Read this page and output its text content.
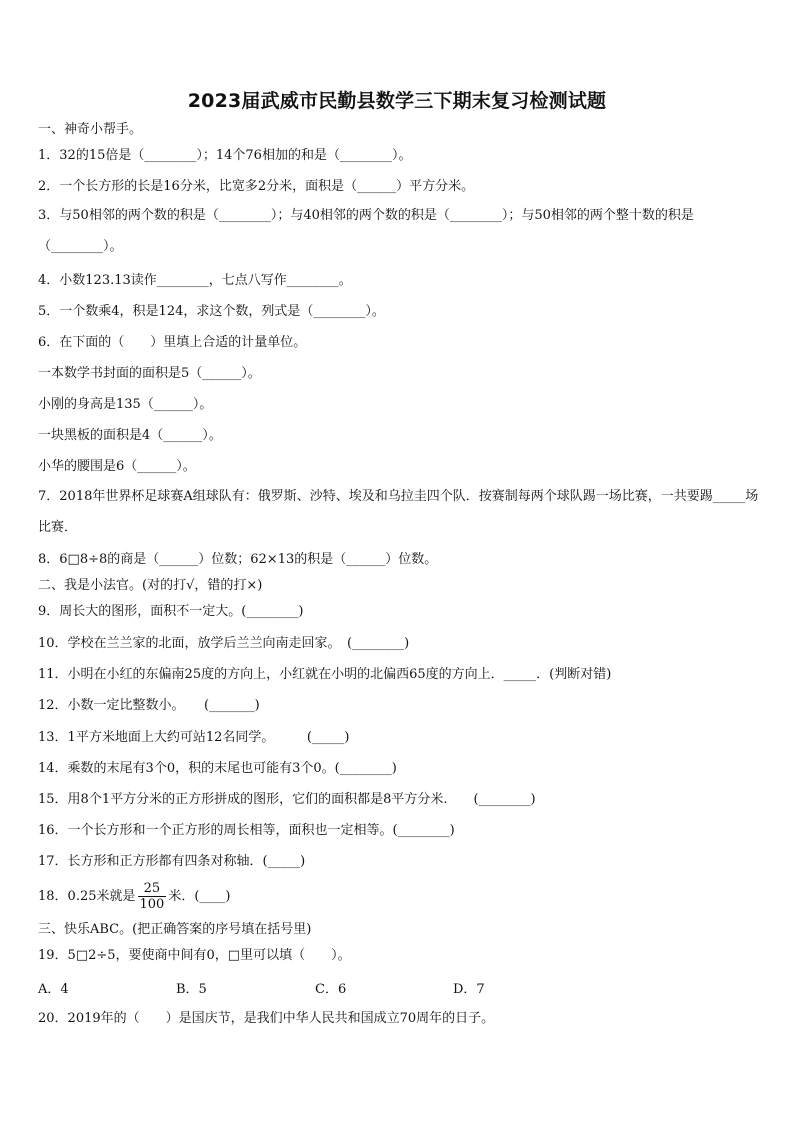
2023届武威市民勤县数学三下期末复习检测试题
一、神奇小帮手。
1．32的15倍是（________）；14个76相加的和是（________）。
2．一个长方形的长是16分米，比宽多2分米，面积是（______）平方分米。
3．与50相邻的两个数的积是（________）；与40相邻的两个数的积是（________）；与50相邻的两个整十数的积是（________）。
4．小数123.13读作________，七点八写作________。
5．一个数乘4，积是124，求这个数，列式是（________）。
6．在下面的（　　）里填上合适的计量单位。
一本数学书封面的面积是5（______）。
小刚的身高是135（______）。
一块黑板的面积是4（______）。
小华的腰围是6（______）。
7．2018年世界杯足球赛A组球队有：俄罗斯、沙特、埃及和乌拉圭四个队．按赛制每两个球队踢一场比赛，一共要踢_____场比赛．
8．6□8÷8的商是（______）位数；62×13的积是（______）位数。
二、我是小法官。(对的打√，错的打×)
9．周长大的图形，面积不一定大。(________)
10．学校在兰兰家的北面，放学后兰兰向南走回家。　(________)
11．小明在小红的东偏南25度的方向上，小红就在小明的北偏西65度的方向上．_____．(判断对错)
12．小数一定比整数小。　　(_______)
13．1平方米地面上大约可站12名同学。　　　(_____)
14．乘数的末尾有3个0，积的末尾也可能有3个0。(________)
15．用8个1平方分米的正方形拼成的图形，它们的面积都是8平方分米.　　(________)
16．一个长方形和一个正方形的周长相等，面积也一定相等。(________)
17．长方形和正方形都有四条对称轴．(_____)
18．0.25米就是 $\frac{25}{100}$ 米．(____)
三、快乐ABC。(把正确答案的序号填在括号里)
19．5□2÷5，要使商中间有0，□里可以填（　　）。
A．4	B．5	C．6	D．7
20．2019年的（　　）是国庆节，是我们中华人民共和国成立70周年的日子。
